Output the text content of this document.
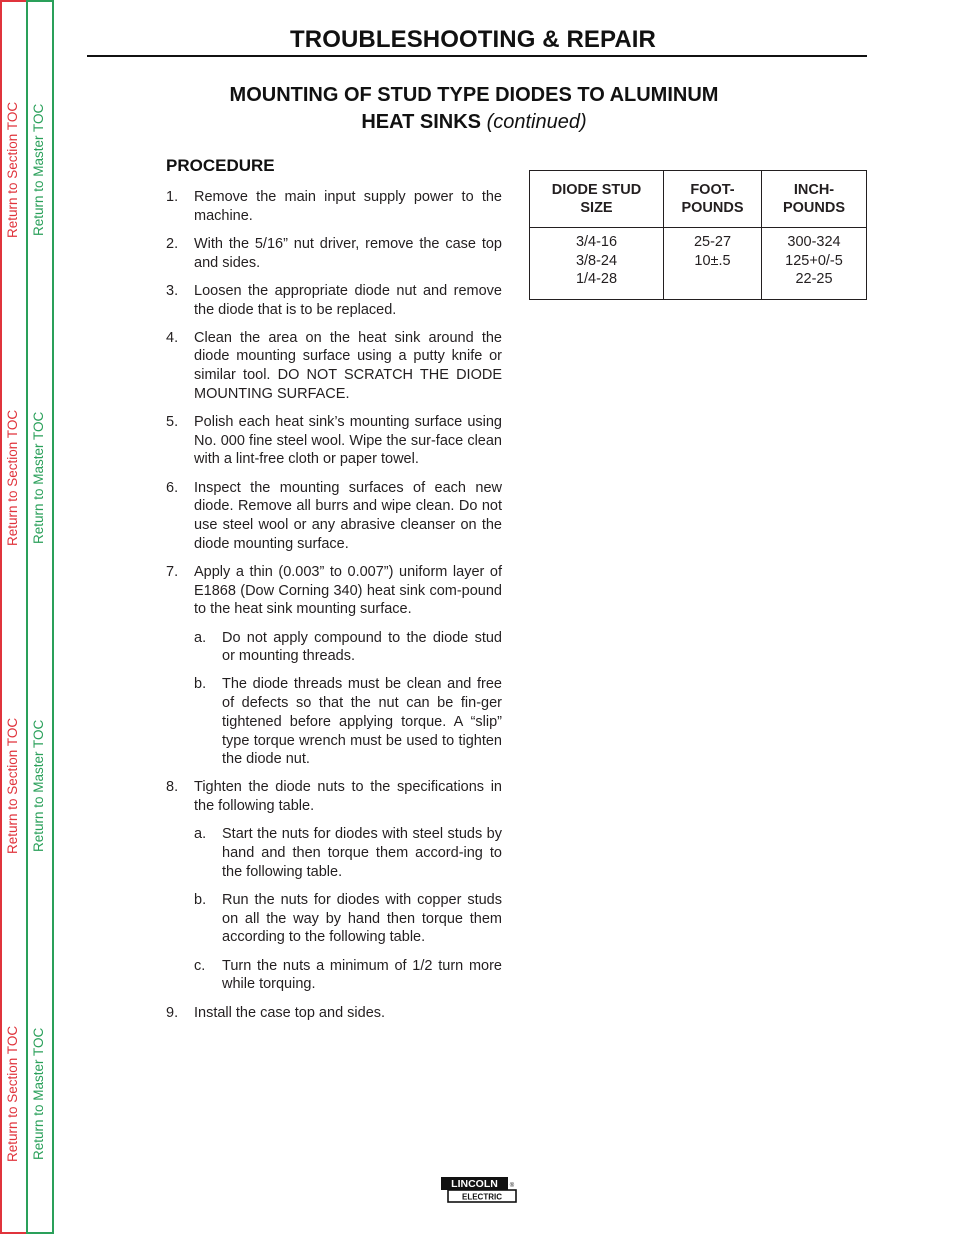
Return to Section TOC
Return to Section TOC
Return to Section TOC
Return to Section TOC
Return to Master TOC
Return to Master TOC
Return to Master TOC
Return to Master TOC
TROUBLESHOOTING & REPAIR
MOUNTING OF STUD TYPE DIODES TO ALUMINUM
HEAT SINKS (continued)
PROCEDURE
1. Remove the main input supply power to the machine.
2. With the 5/16” nut driver, remove the case top and sides.
3. Loosen the appropriate diode nut and remove the diode that is to be replaced.
4. Clean the area on the heat sink around the diode mounting surface using a putty knife or similar tool. DO NOT SCRATCH THE DIODE MOUNTING SURFACE.
5. Polish each heat sink’s mounting surface using No. 000 fine steel wool. Wipe the sur-face clean with a lint-free cloth or paper towel.
6. Inspect the mounting surfaces of each new diode. Remove all burrs and wipe clean. Do not use steel wool or any abrasive cleanser on the diode mounting surface.
7. Apply a thin (0.003” to 0.007”) uniform layer of E1868 (Dow Corning 340) heat sink com-pound to the heat sink mounting surface.
a. Do not apply compound to the diode stud or mounting threads.
b. The diode threads must be clean and free of defects so that the nut can be fin-ger tightened before applying torque. A “slip” type torque wrench must be used to tighten the diode nut.
8. Tighten the diode nuts to the specifications in the following table.
a. Start the nuts for diodes with steel studs by hand and then torque them accord-ing to the following table.
b. Run the nuts for diodes with copper studs on all the way by hand then torque them according to the following table.
c. Turn the nuts a minimum of 1/2 turn more while torquing.
9. Install the case top and sides.
DIODE STUD
SIZE
FOOT-
POUNDS
INCH-
POUNDS
3/4-16
3/8-24
1/4-28
25-27
10±.5
300-324
125+0/-5
22-25
LINCOLN ®
ELECTRIC
